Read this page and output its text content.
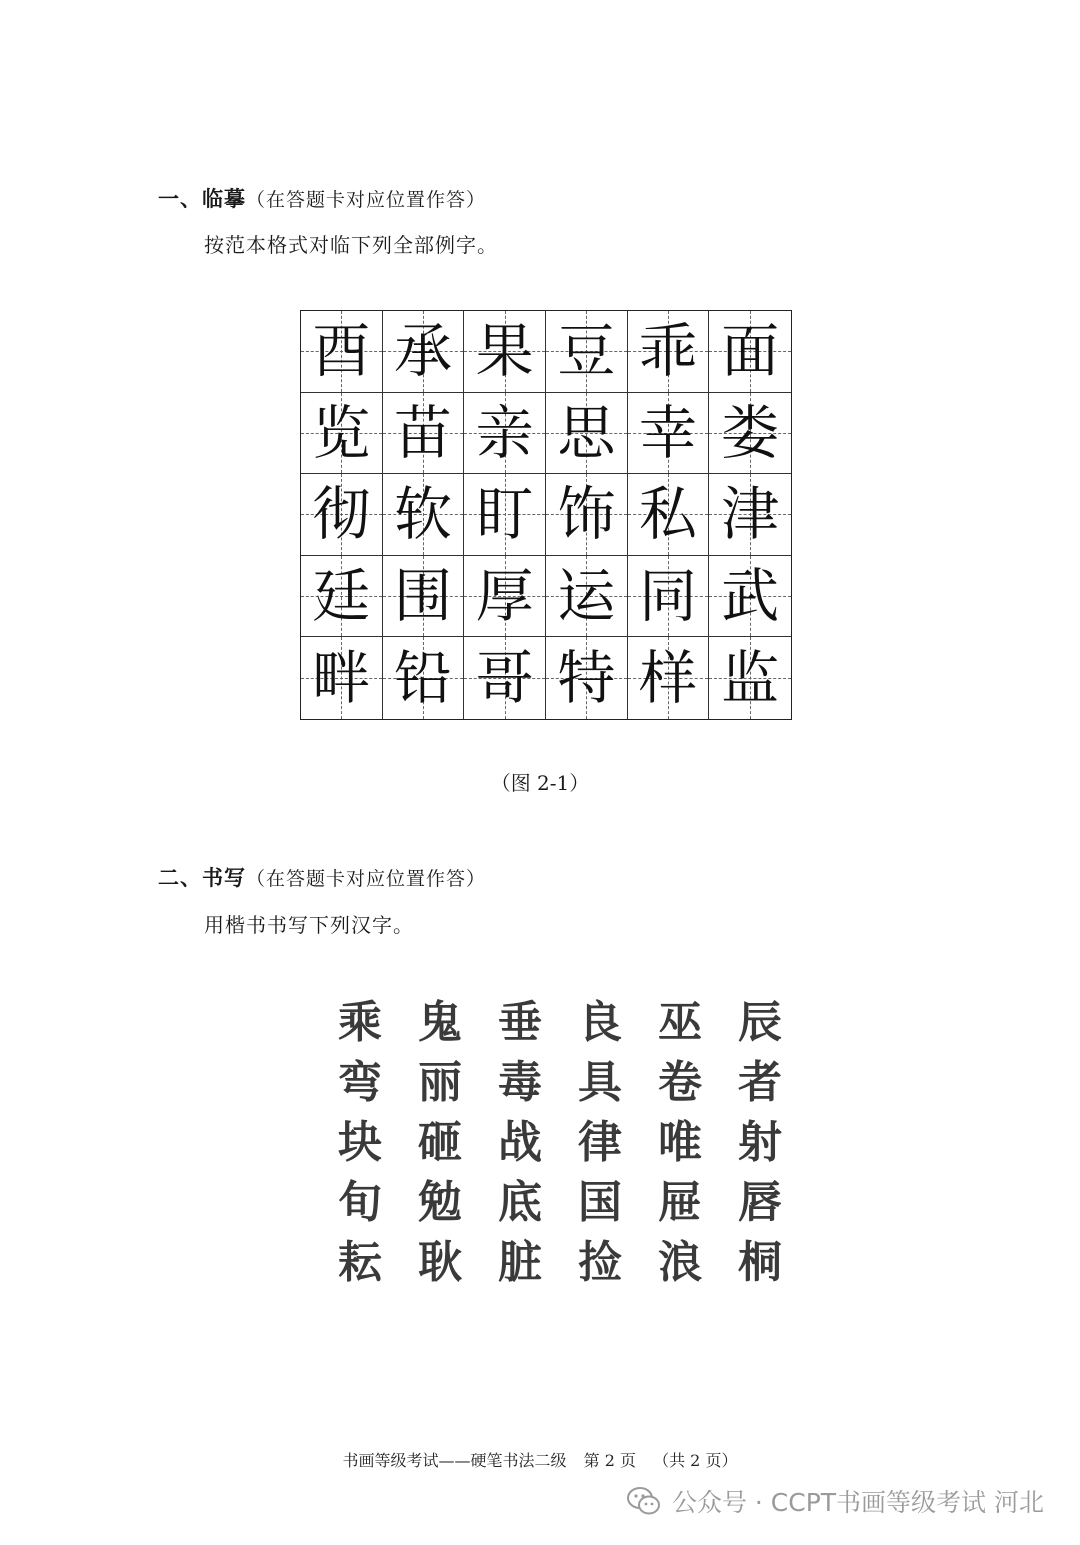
一、临摹（在答题卡对应位置作答）
按范本格式对临下列全部例字。
酉 承 果 豆 乖 面
览 苗 亲 思 幸 娄
彻 软 盯 饰 私 津
廷 围 厚 运 同 武
畔 铅 哥 特 样 监
（图 2-1）
二、书写（在答题卡对应位置作答）
用楷书书写下列汉字。
乘 鬼 垂 良 巫 辰
弯 丽 毒 具 卷 者
块 砸 战 律 唯 射
旬 勉 底 国 屉 唇
耘 耿 脏 捡 浪 桐
书画等级考试——硬笔书法二级 第 2 页 （共 2 页）
公众号 · CCPT书画等级考试 河北
